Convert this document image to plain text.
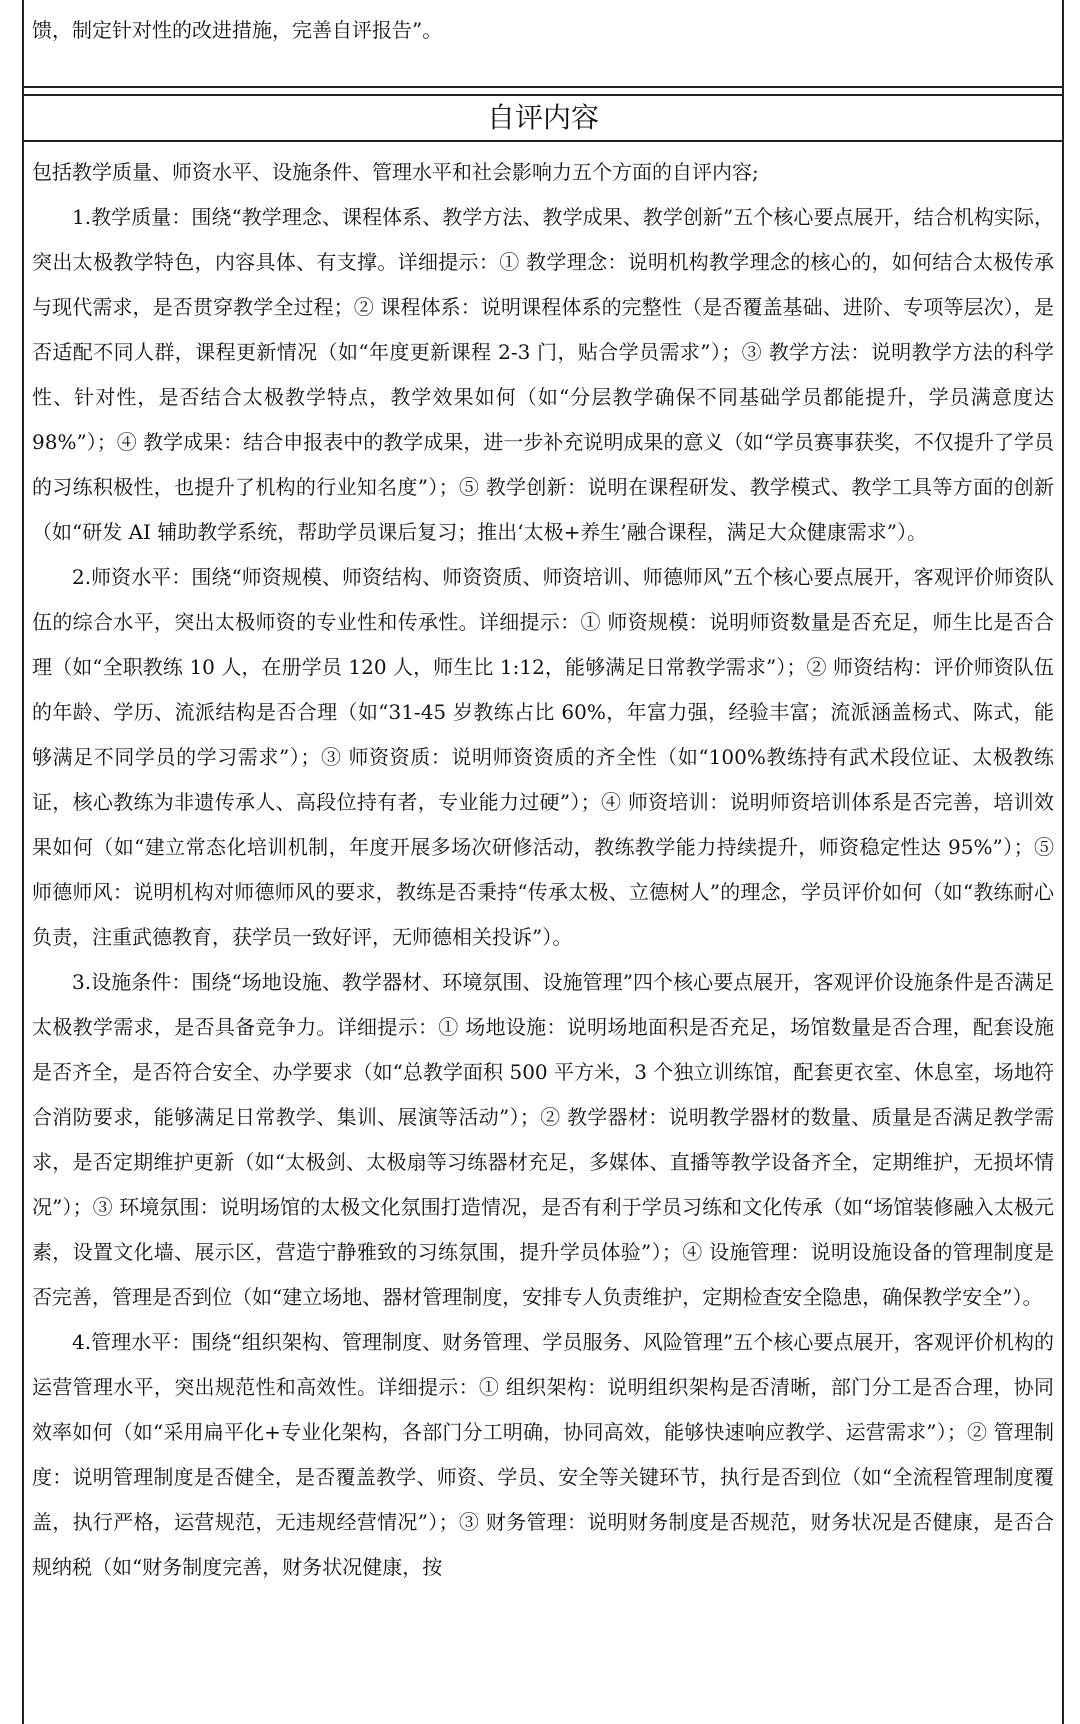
馈，制定针对性的改进措施，完善自评报告”。
自评内容

包括教学质量、师资水平、设施条件、管理水平和社会影响力五个方面的自评内容;

1.教学质量：围绕“教学理念、课程体系、教学方法、教学成果、教学创新”五个核心要点展开，结合机构实际，突出太极教学特色，内容具体、有支撑。详细提示：① 教学理念：说明机构教学理念的核心的，如何结合太极传承与现代需求，是否贯穿教学全过程；② 课程体系：说明课程体系的完整性（是否覆盖基础、进阶、专项等层次），是否适配不同人群，课程更新情况（如“年度更新课程 2-3 门，贴合学员需求”）；③ 教学方法：说明教学方法的科学性、针对性，是否结合太极教学特点，教学效果如何（如“分层教学确保不同基础学员都能提升，学员满意度达 98%”）；④ 教学成果：结合申报表中的教学成果，进一步补充说明成果的意义（如“学员赛事获奖，不仅提升了学员的习练积极性，也提升了机构的行业知名度”）；⑤ 教学创新：说明在课程研发、教学模式、教学工具等方面的创新（如“研发 AI 辅助教学系统，帮助学员课后复习；推出‘太极+养生’融合课程，满足大众健康需求”）。

2.师资水平：围绕“师资规模、师资结构、师资资质、师资培训、师德师风”五个核心要点展开，客观评价师资队伍的综合水平，突出太极师资的专业性和传承性。详细提示：① 师资规模：说明师资数量是否充足，师生比是否合理（如“全职教练 10 人，在册学员 120 人，师生比 1:12，能够满足日常教学需求”）；② 师资结构：评价师资队伍的年龄、学历、流派结构是否合理（如“31-45 岁教练占比 60%，年富力强，经验丰富；流派涵盖杨式、陈式，能够满足不同学员的学习需求”）；③ 师资资质：说明师资资质的齐全性（如“100%教练持有武术段位证、太极教练证，核心教练为非遗传承人、高段位持有者，专业能力过硬”）；④ 师资培训：说明师资培训体系是否完善，培训效果如何（如“建立常态化培训机制，年度开展多场次研修活动，教练教学能力持续提升，师资稳定性达 95%”）；⑤ 师德师风：说明机构对师德师风的要求，教练是否秉持“传承太极、立德树人”的理念，学员评价如何（如“教练耐心负责，注重武德教育，获学员一致好评，无师德相关投诉”）。

3.设施条件：围绕“场地设施、教学器材、环境氛围、设施管理”四个核心要点展开，客观评价设施条件是否满足太极教学需求，是否具备竞争力。详细提示：① 场地设施：说明场地面积是否充足，场馆数量是否合理，配套设施是否齐全，是否符合安全、办学要求（如“总教学面积 500 平方米，3 个独立训练馆，配套更衣室、休息室，场地符合消防要求，能够满足日常教学、集训、展演等活动”）；② 教学器材：说明教学器材的数量、质量是否满足教学需求，是否定期维护更新（如“太极剑、太极扇等习练器材充足，多媒体、直播等教学设备齐全，定期维护，无损坏情况”）；③ 环境氛围：说明场馆的太极文化氛围打造情况，是否有利于学员习练和文化传承（如“场馆装修融入太极元素，设置文化墙、展示区，营造宁静雅致的习练氛围，提升学员体验”）；④ 设施管理：说明设施设备的管理制度是否完善，管理是否到位（如“建立场地、器材管理制度，安排专人负责维护，定期检查安全隐患，确保教学安全”）。

4.管理水平：围绕“组织架构、管理制度、财务管理、学员服务、风险管理”五个核心要点展开，客观评价机构的运营管理水平，突出规范性和高效性。详细提示：① 组织架构：说明组织架构是否清晰，部门分工是否合理，协同效率如何（如“采用扁平化+专业化架构，各部门分工明确，协同高效，能够快速响应教学、运营需求”）；② 管理制度：说明管理制度是否健全，是否覆盖教学、师资、学员、安全等关键环节，执行是否到位（如“全流程管理制度覆盖，执行严格，运营规范，无违规经营情况”）；③ 财务管理：说明财务制度是否规范，财务状况是否健康，是否合规纳税（如“财务制度完善，财务状况健康，按
